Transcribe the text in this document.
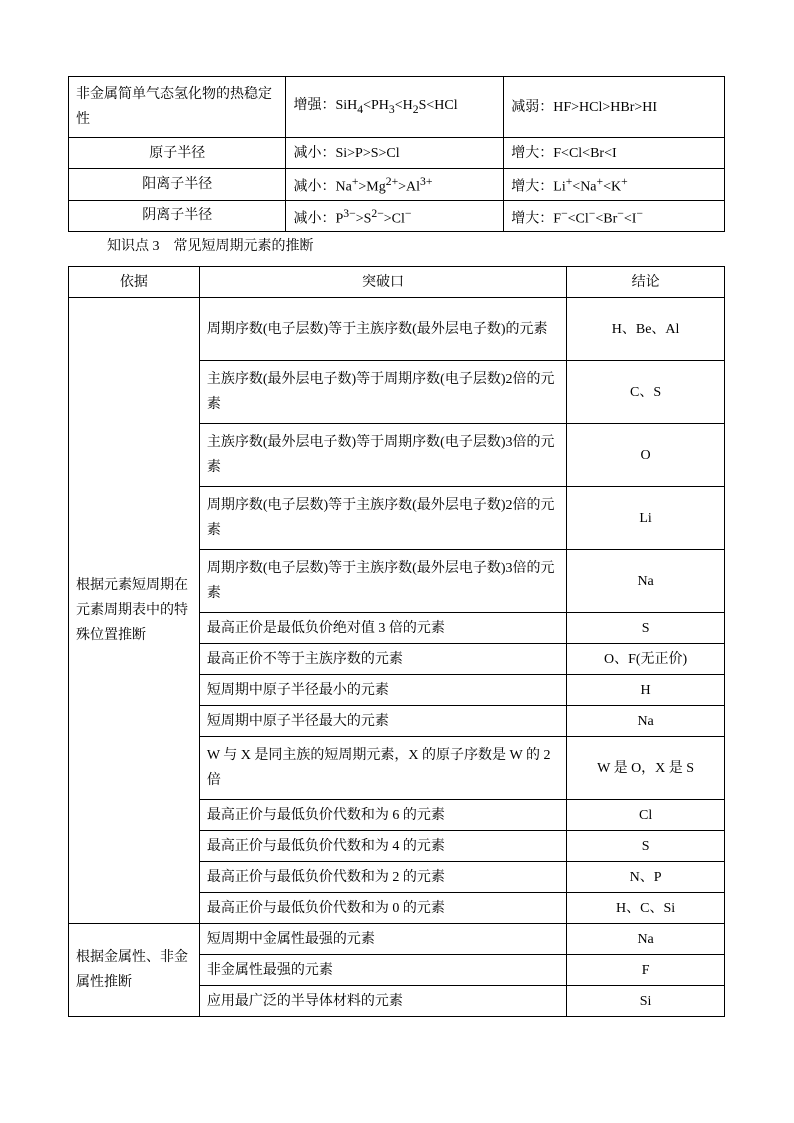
非金属简单气态氢化物的热稳定性	增强：$SiH_4<PH_3<H_2S<HCl$	减弱：HF>HCl>HBr>HI
原子半径	减小：Si>P>S>Cl	增大：F<Cl<Br<I
阳离子半径	减小：$Na^+>Mg^{2+}>Al^{3+}$	增大：Li+<Na+<K+
阴离子半径	减小：$P^{3-}>S^{2-}>Cl^-$	增大：F−<Cl−<Br−<I−
知识点 3　常见短周期元素的推断
依据	突破口	结论
根据元素短周期在元素周期表中的特殊位置推断	周期序数(电子层数)等于主族序数(最外层电子数)的元素	H、Be、Al
	主族序数(最外层电子数)等于周期序数(电子层数)2倍的元素	C、S
	主族序数(最外层电子数)等于周期序数(电子层数)3倍的元素	O
	周期序数(电子层数)等于主族序数(最外层电子数)2倍的元素	Li
	周期序数(电子层数)等于主族序数(最外层电子数)3倍的元素	Na
	最高正价是最低负价绝对值 3 倍的元素	S
	最高正价不等于主族序数的元素	O、F(无正价)
	短周期中原子半径最小的元素	H
	短周期中原子半径最大的元素	Na
	W 与 X 是同主族的短周期元素，X 的原子序数是 W 的 2 倍	W 是 O，X 是 S
	最高正价与最低负价代数和为 6 的元素	Cl
	最高正价与最低负价代数和为 4 的元素	S
	最高正价与最低负价代数和为 2 的元素	N、P
	最高正价与最低负价代数和为 0 的元素	H、C、Si
根据金属性、非金属性推断	短周期中金属性最强的元素	Na
	非金属性最强的元素	F
	应用最广泛的半导体材料的元素	Si
